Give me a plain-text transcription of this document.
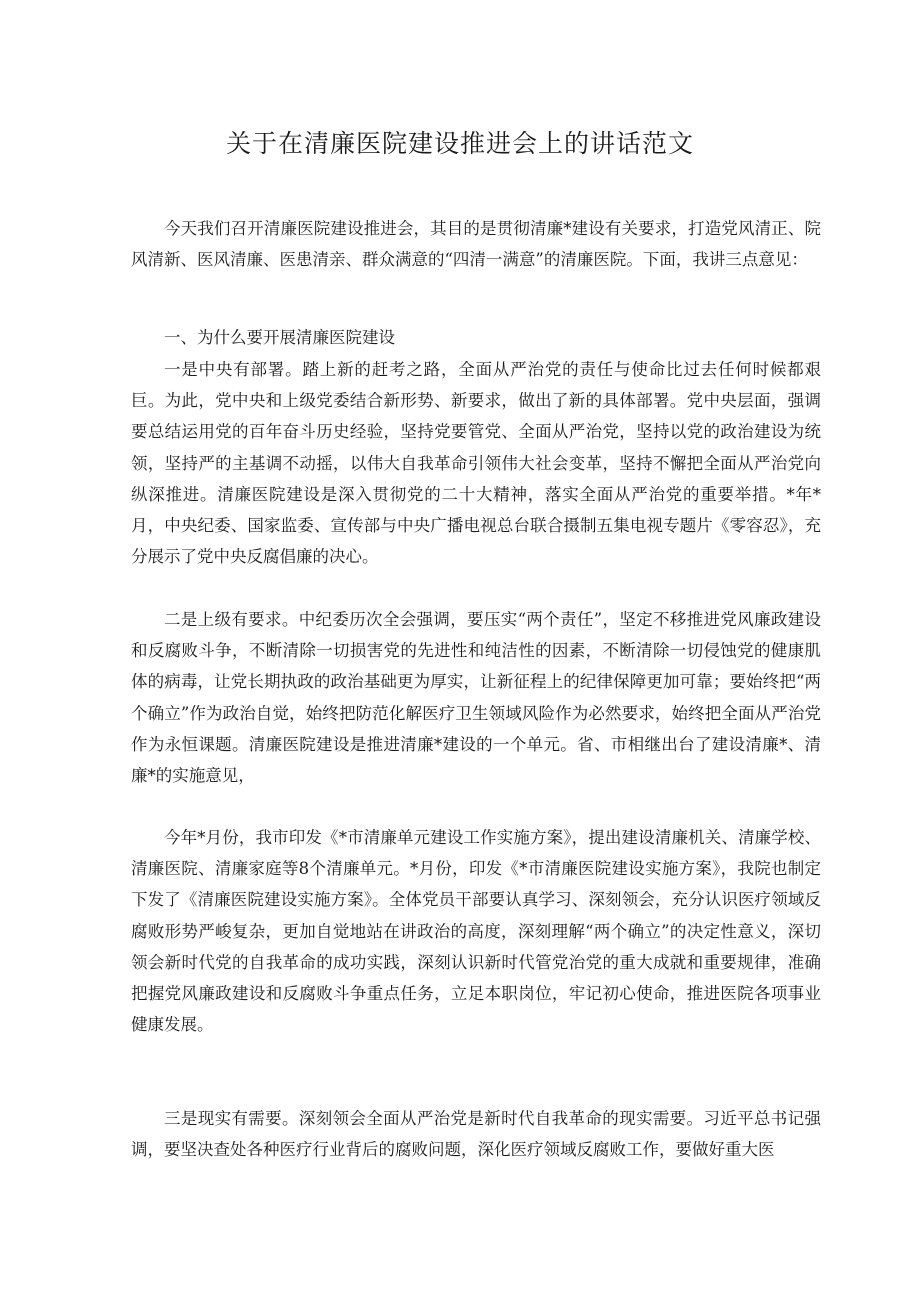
关于在清廉医院建设推进会上的讲话范文

今天我们召开清廉医院建设推进会，其目的是贯彻清廉*建设有关要求，打造党风清正、院风清新、医风清廉、医患清亲、群众满意的“四清一满意”的清廉医院。下面，我讲三点意见：

一、为什么要开展清廉医院建设

一是中央有部署。踏上新的赶考之路，全面从严治党的责任与使命比过去任何时候都艰巨。为此，党中央和上级党委结合新形势、新要求，做出了新的具体部署。党中央层面，强调要总结运用党的百年奋斗历史经验，坚持党要管党、全面从严治党，坚持以党的政治建设为统领，坚持严的主基调不动摇，以伟大自我革命引领伟大社会变革，坚持不懈把全面从严治党向纵深推进。清廉医院建设是深入贯彻党的二十大精神，落实全面从严治党的重要举措。*年*月，中央纪委、国家监委、宣传部与中央广播电视总台联合摄制五集电视专题片《零容忍》，充分展示了党中央反腐倡廉的决心。

二是上级有要求。中纪委历次全会强调，要压实“两个责任”，坚定不移推进党风廉政建设和反腐败斗争，不断清除一切损害党的先进性和纯洁性的因素，不断清除一切侵蚀党的健康肌体的病毒，让党长期执政的政治基础更为厚实，让新征程上的纪律保障更加可靠；要始终把“两个确立”作为政治自觉，始终把防范化解医疗卫生领域风险作为必然要求，始终把全面从严治党作为永恒课题。清廉医院建设是推进清廉*建设的一个单元。省、市相继出台了建设清廉*、清廉*的实施意见，

今年*月份，我市印发《*市清廉单元建设工作实施方案》，提出建设清廉机关、清廉学校、清廉医院、清廉家庭等8个清廉单元。*月份，印发《*市清廉医院建设实施方案》，我院也制定下发了《清廉医院建设实施方案》。全体党员干部要认真学习、深刻领会，充分认识医疗领域反腐败形势严峻复杂，更加自觉地站在讲政治的高度，深刻理解“两个确立”的决定性意义，深切领会新时代党的自我革命的成功实践，深刻认识新时代管党治党的重大成就和重要规律，准确把握党风廉政建设和反腐败斗争重点任务，立足本职岗位，牢记初心使命，推进医院各项事业健康发展。

三是现实有需要。深刻领会全面从严治党是新时代自我革命的现实需要。习近平总书记强调，要坚决查处各种医疗行业背后的腐败问题，深化医疗领域反腐败工作，要做好重大医
